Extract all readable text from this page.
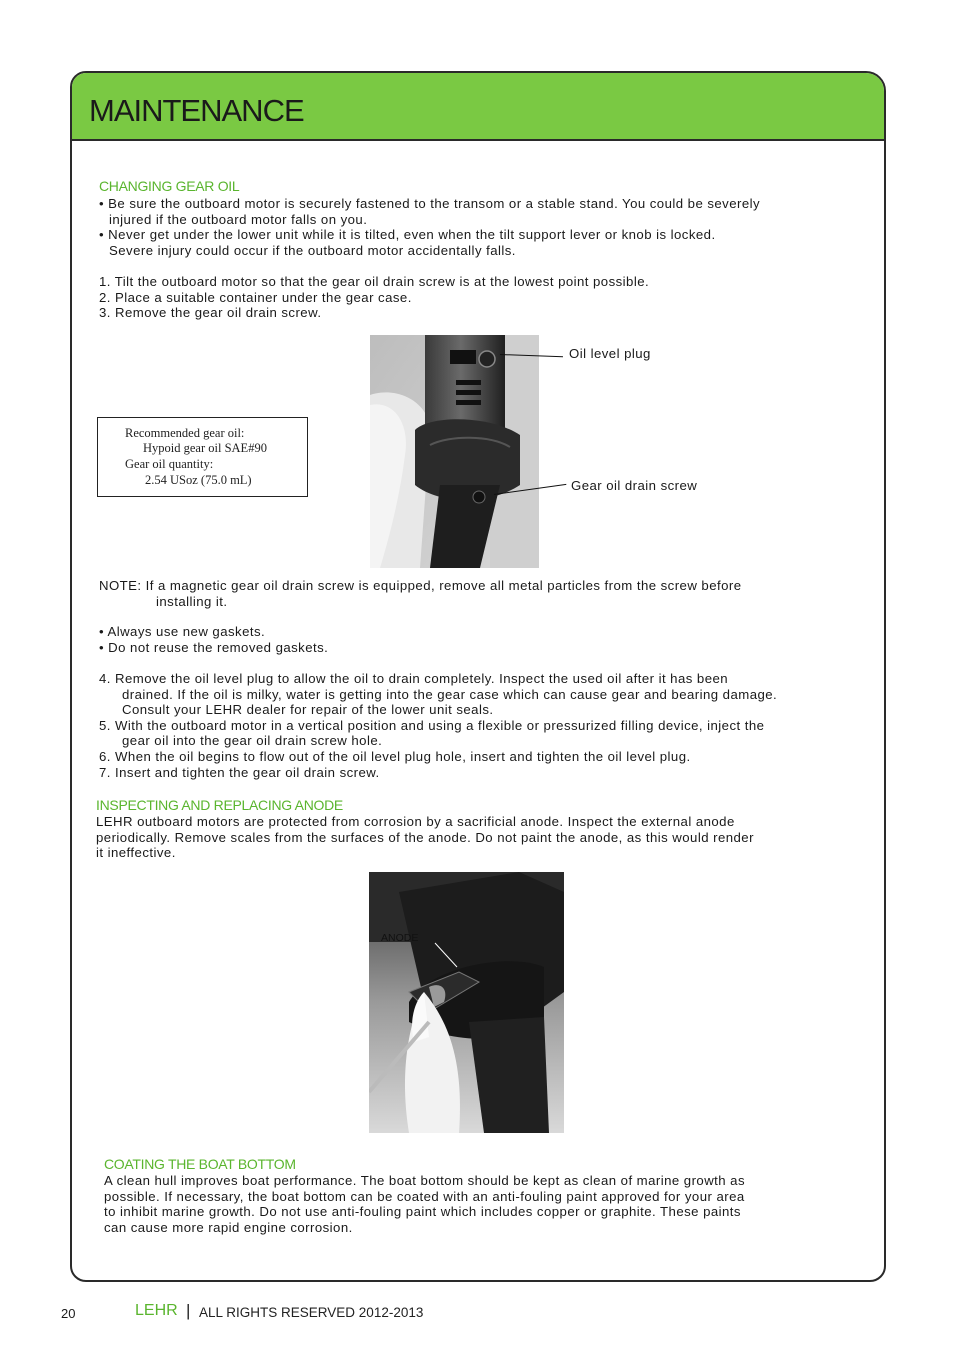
MAINTENANCE
CHANGING GEAR OIL

• Be sure the outboard motor is securely fastened to the transom or a stable stand. You could be severely

injured if the outboard motor falls on you.

• Never get under the lower unit while it is tilted, even when the tilt support lever or knob is locked.

Severe injury could occur if the outboard motor accidentally falls.

1. Tilt the outboard motor so that the gear oil drain screw is at the lowest point possible.

2. Place a suitable container under the gear case.

3. Remove the gear oil drain screw.

Recommended gear oil:
Hypoid gear oil SAE#90
Gear oil quantity:
2.54 USoz (75.0 mL)
Oil level plug
Gear oil drain screw

NOTE: If a magnetic gear oil drain screw is equipped, remove all metal particles from the screw before

installing it.

• Always use new gaskets.

• Do not reuse the removed gaskets.

4. Remove the oil level plug to allow the oil to drain completely. Inspect the used oil after it has been

drained. If the oil is milky, water is getting into the gear case which can cause gear and bearing damage.

Consult your LEHR dealer for repair of the lower unit seals.

5. With the outboard motor in a vertical position and using a flexible or pressurized filling device, inject the

gear oil into the gear oil drain screw hole.

6. When the oil begins to flow out of the oil level plug hole, insert and tighten the oil level plug.

7. Insert and tighten the gear oil drain screw.

INSPECTING AND REPLACING ANODE

LEHR outboard motors are protected from corrosion by a sacrificial anode. Inspect the external anode

periodically. Remove scales from the surfaces of the anode. Do not paint the anode, as this would render

it ineffective.

ANODE
COATING THE BOAT BOTTOM

A clean hull improves boat performance. The boat bottom should be kept as clean of marine growth as

possible. If necessary, the boat bottom can be coated with an anti-fouling paint approved for your area

to inhibit marine growth. Do not use anti-fouling paint which includes copper or graphite. These paints

can cause more rapid engine corrosion.

20	LEHR | ALL RIGHTS RESERVED 2012-2013
